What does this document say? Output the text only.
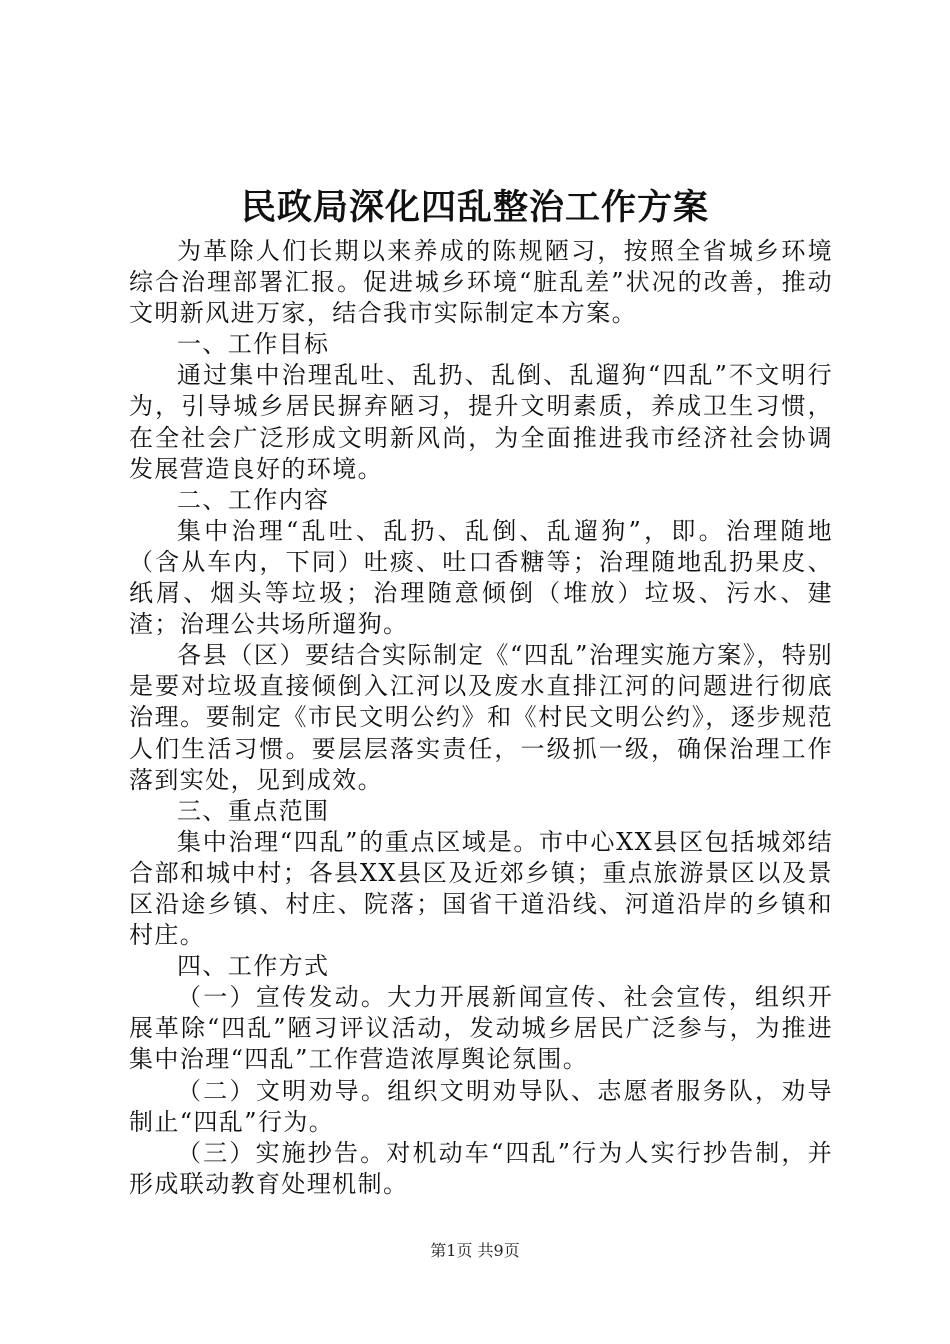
民政局深化四乱整治工作方案

为革除人们长期以来养成的陈规陋习，按照全省城乡环境综合治理部署汇报。促进城乡环境“脏乱差”状况的改善，推动文明新风进万家，结合我市实际制定本方案。

一、工作目标

通过集中治理乱吐、乱扔、乱倒、乱遛狗“四乱”不文明行为，引导城乡居民摒弃陋习，提升文明素质，养成卫生习惯，在全社会广泛形成文明新风尚，为全面推进我市经济社会协调发展营造良好的环境。

二、工作内容

集中治理“乱吐、乱扔、乱倒、乱遛狗”，即。治理随地（含从车内，下同）吐痰、吐口香糖等；治理随地乱扔果皮、纸屑、烟头等垃圾；治理随意倾倒（堆放）垃圾、污水、建渣；治理公共场所遛狗。

各县（区）要结合实际制定《“四乱”治理实施方案》，特别是要对垃圾直接倾倒入江河以及废水直排江河的问题进行彻底治理。要制定《市民文明公约》和《村民文明公约》，逐步规范人们生活习惯。要层层落实责任，一级抓一级，确保治理工作落到实处，见到成效。

三、重点范围

集中治理“四乱”的重点区域是。市中心XX县区包括城郊结合部和城中村；各县XX县区及近郊乡镇；重点旅游景区以及景区沿途乡镇、村庄、院落；国省干道沿线、河道沿岸的乡镇和村庄。

四、工作方式

（一）宣传发动。大力开展新闻宣传、社会宣传，组织开展革除“四乱”陋习评议活动，发动城乡居民广泛参与，为推进集中治理“四乱”工作营造浓厚舆论氛围。

（二）文明劝导。组织文明劝导队、志愿者服务队，劝导制止“四乱”行为。

（三）实施抄告。对机动车“四乱”行为人实行抄告制，并形成联动教育处理机制。

第1页 共9页
